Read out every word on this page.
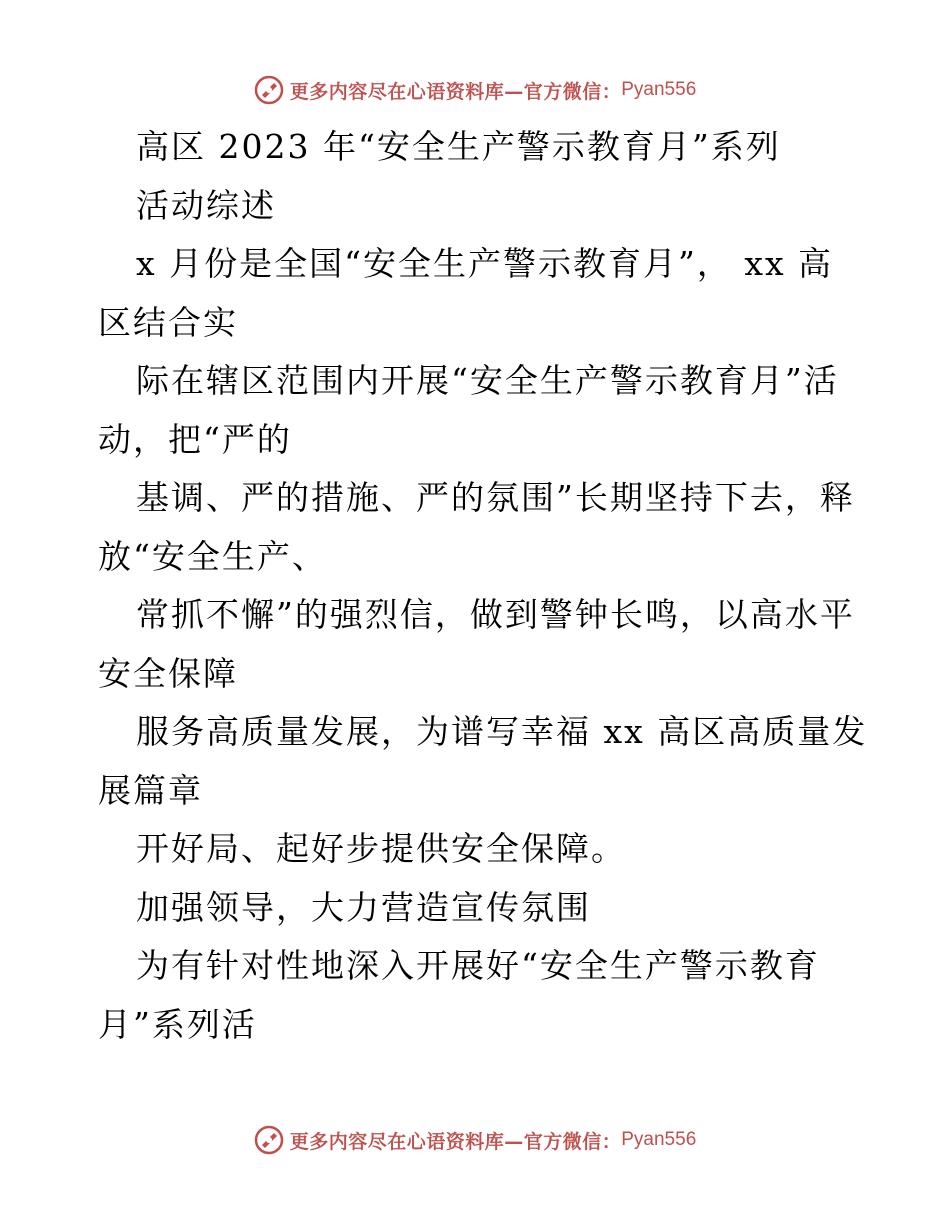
更多内容尽在心语资料库—官方微信： Pyan556
高区 2023 年“安全生产警示教育月”系列
活动综述
x 月份是全国“安全生产警示教育月”， xx 高
区结合实
际在辖区范围内开展“安全生产警示教育月”活
动，把“严的
基调、严的措施、严的氛围”长期坚持下去，释
放“安全生产、
常抓不懈”的强烈信，做到警钟长鸣，以高水平
安全保障
服务高质量发展，为谱写幸福 xx 高区高质量发
展篇章
开好局、起好步提供安全保障。
加强领导，大力营造宣传氛围
为有针对性地深入开展好“安全生产警示教育
月”系列活
更多内容尽在心语资料库—官方微信： Pyan556
